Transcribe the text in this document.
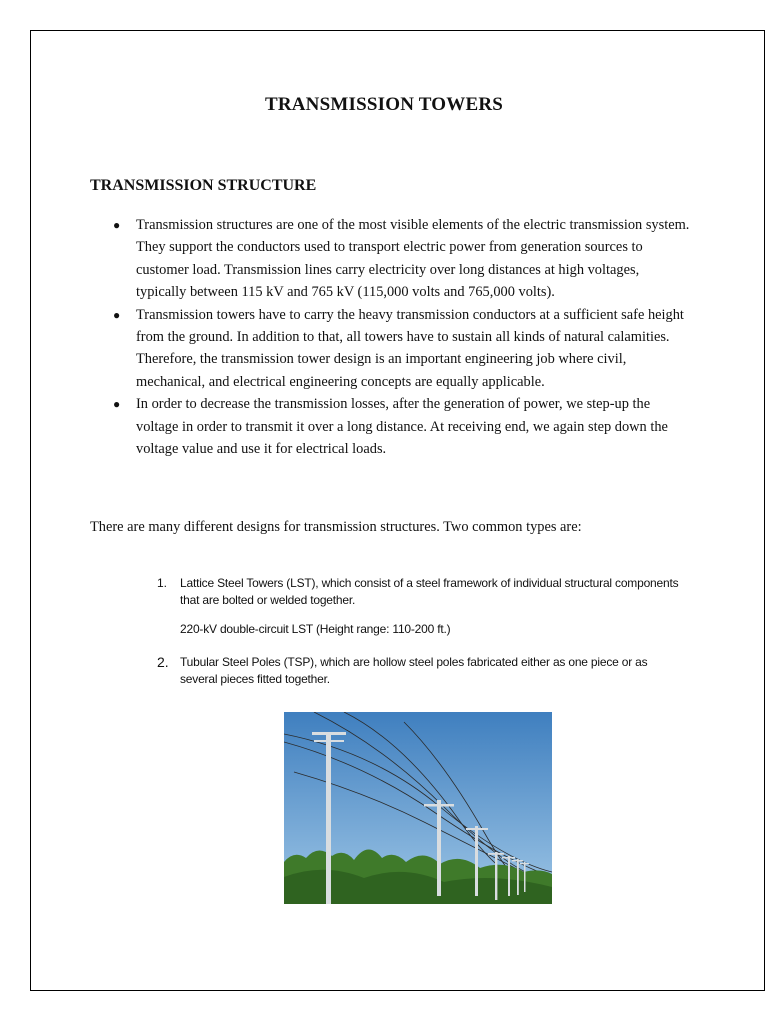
TRANSMISSION TOWERS
TRANSMISSION STRUCTURE
● Transmission structures are one of the most visible elements of the electric transmission system. They support the conductors used to transport electric power from generation sources to customer load. Transmission lines carry electricity over long distances at high voltages, typically between 115 kV and 765 kV (115,000 volts and 765,000 volts).
● Transmission towers have to carry the heavy transmission conductors at a sufficient safe height from the ground. In addition to that, all towers have to sustain all kinds of natural calamities. Therefore, the transmission tower design is an important engineering job where civil, mechanical, and electrical engineering concepts are equally applicable.
● In order to decrease the transmission losses, after the generation of power, we step-up the voltage in order to transmit it over a long distance. At receiving end, we again step down the voltage value and use it for electrical loads.
There are many different designs for transmission structures. Two common types are:
1. Lattice Steel Towers (LST), which consist of a steel framework of individual structural components that are bolted or welded together.
220-kV double-circuit LST (Height range: 110-200 ft.)
2. Tubular Steel Poles (TSP), which are hollow steel poles fabricated either as one piece or as several pieces fitted together.
